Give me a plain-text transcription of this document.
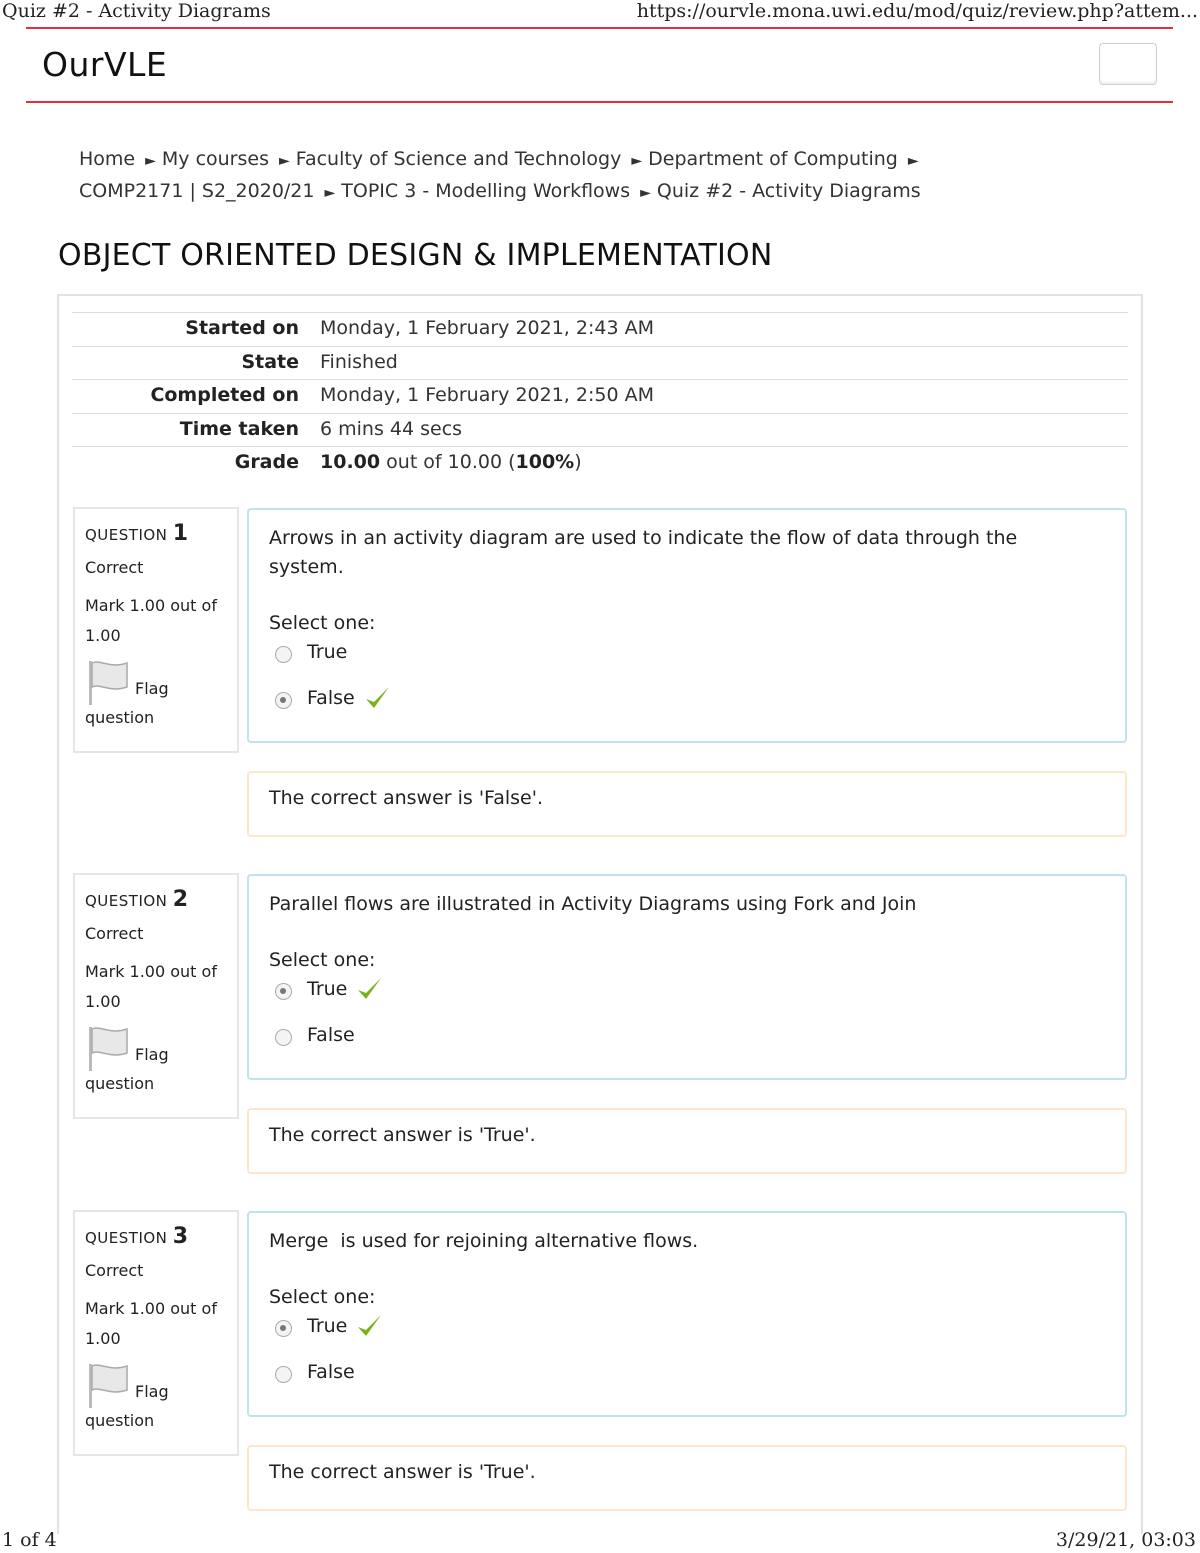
Quiz #2 - Activity Diagrams	https://ourvle.mona.uwi.edu/mod/quiz/review.php?attem...
OurVLE
Home ► My courses ► Faculty of Science and Technology ► Department of Computing ►
COMP2171 | S2_2020/21 ► TOPIC 3 - Modelling Workflows ► Quiz #2 - Activity Diagrams
OBJECT ORIENTED DESIGN & IMPLEMENTATION
Started on Monday, 1 February 2021, 2:43 AM
State Finished
Completed on Monday, 1 February 2021, 2:50 AM
Time taken 6 mins 44 secs
Grade 10.00 out of 10.00 (100%)
QUESTION 1
Correct
Mark 1.00 out of 1.00
Flag
question
Arrows in an activity diagram are used to indicate the flow of data through the system.
Select one:
True
False
The correct answer is 'False'.
QUESTION 2
Correct
Mark 1.00 out of 1.00
Flag
question
Parallel flows are illustrated in Activity Diagrams using Fork and Join
Select one:
True
False
The correct answer is 'True'.
QUESTION 3
Correct
Mark 1.00 out of 1.00
Flag
question
Merge  is used for rejoining alternative flows.
Select one:
True
False
The correct answer is 'True'.
1 of 4	3/29/21, 03:03
